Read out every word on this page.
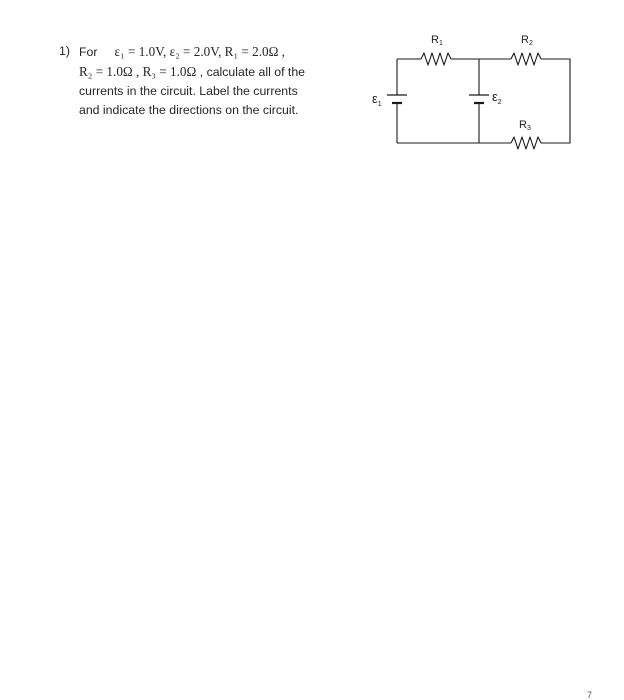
1) For ε₁ = 1.0V, ε₂ = 2.0V, R₁ = 2.0Ω ,
R₂ = 1.0Ω , R₃ = 1.0Ω , calculate all of the
currents in the circuit. Label the currents
and indicate the directions on the circuit.
R1	R2
R3
$\varepsilon_1$
$\varepsilon_2$
7
